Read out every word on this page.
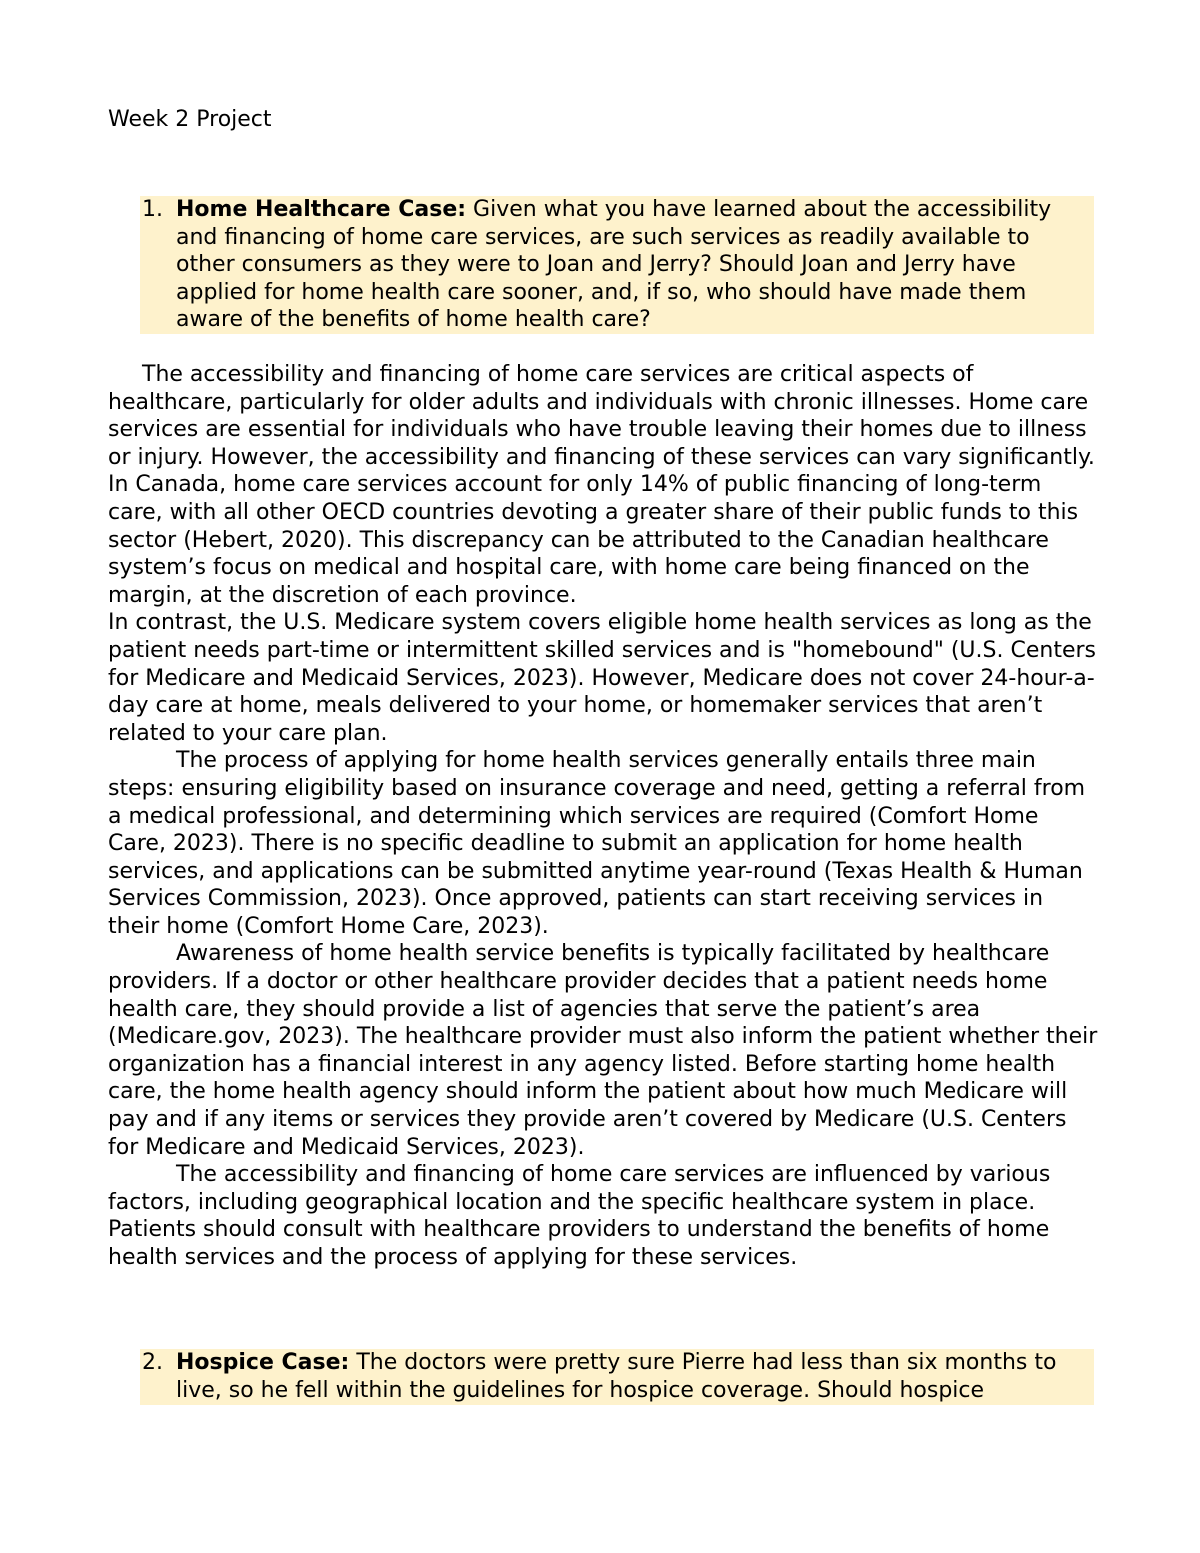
Week 2 Project
1. Home Healthcare Case: Given what you have learned about the accessibility and financing of home care services, are such services as readily available to other consumers as they were to Joan and Jerry? Should Joan and Jerry have applied for home health care sooner, and, if so, who should have made them aware of the benefits of home health care?

The accessibility and financing of home care services are critical aspects of healthcare, particularly for older adults and individuals with chronic illnesses. Home care services are essential for individuals who have trouble leaving their homes due to illness or injury. However, the accessibility and financing of these services can vary significantly. In Canada, home care services account for only 14% of public financing of long-term care, with all other OECD countries devoting a greater share of their public funds to this sector (Hebert, 2020). This discrepancy can be attributed to the Canadian healthcare system’s focus on medical and hospital care, with home care being financed on the margin, at the discretion of each province.

In contrast, the U.S. Medicare system covers eligible home health services as long as the patient needs part-time or intermittent skilled services and is "homebound" (U.S. Centers for Medicare and Medicaid Services, 2023). However, Medicare does not cover 24-hour-a-day care at home, meals delivered to your home, or homemaker services that aren’t related to your care plan.

The process of applying for home health services generally entails three main steps: ensuring eligibility based on insurance coverage and need, getting a referral from a medical professional, and determining which services are required (Comfort Home Care, 2023). There is no specific deadline to submit an application for home health services, and applications can be submitted anytime year-round (Texas Health & Human Services Commission, 2023). Once approved, patients can start receiving services in their home (Comfort Home Care, 2023).

Awareness of home health service benefits is typically facilitated by healthcare providers. If a doctor or other healthcare provider decides that a patient needs home health care, they should provide a list of agencies that serve the patient’s area (Medicare.gov, 2023). The healthcare provider must also inform the patient whether their organization has a financial interest in any agency listed. Before starting home health care, the home health agency should inform the patient about how much Medicare will pay and if any items or services they provide aren’t covered by Medicare (U.S. Centers for Medicare and Medicaid Services, 2023).

The accessibility and financing of home care services are influenced by various factors, including geographical location and the specific healthcare system in place. Patients should consult with healthcare providers to understand the benefits of home health services and the process of applying for these services.

2. Hospice Case: The doctors were pretty sure Pierre had less than six months to live, so he fell within the guidelines for hospice coverage. Should hospice
